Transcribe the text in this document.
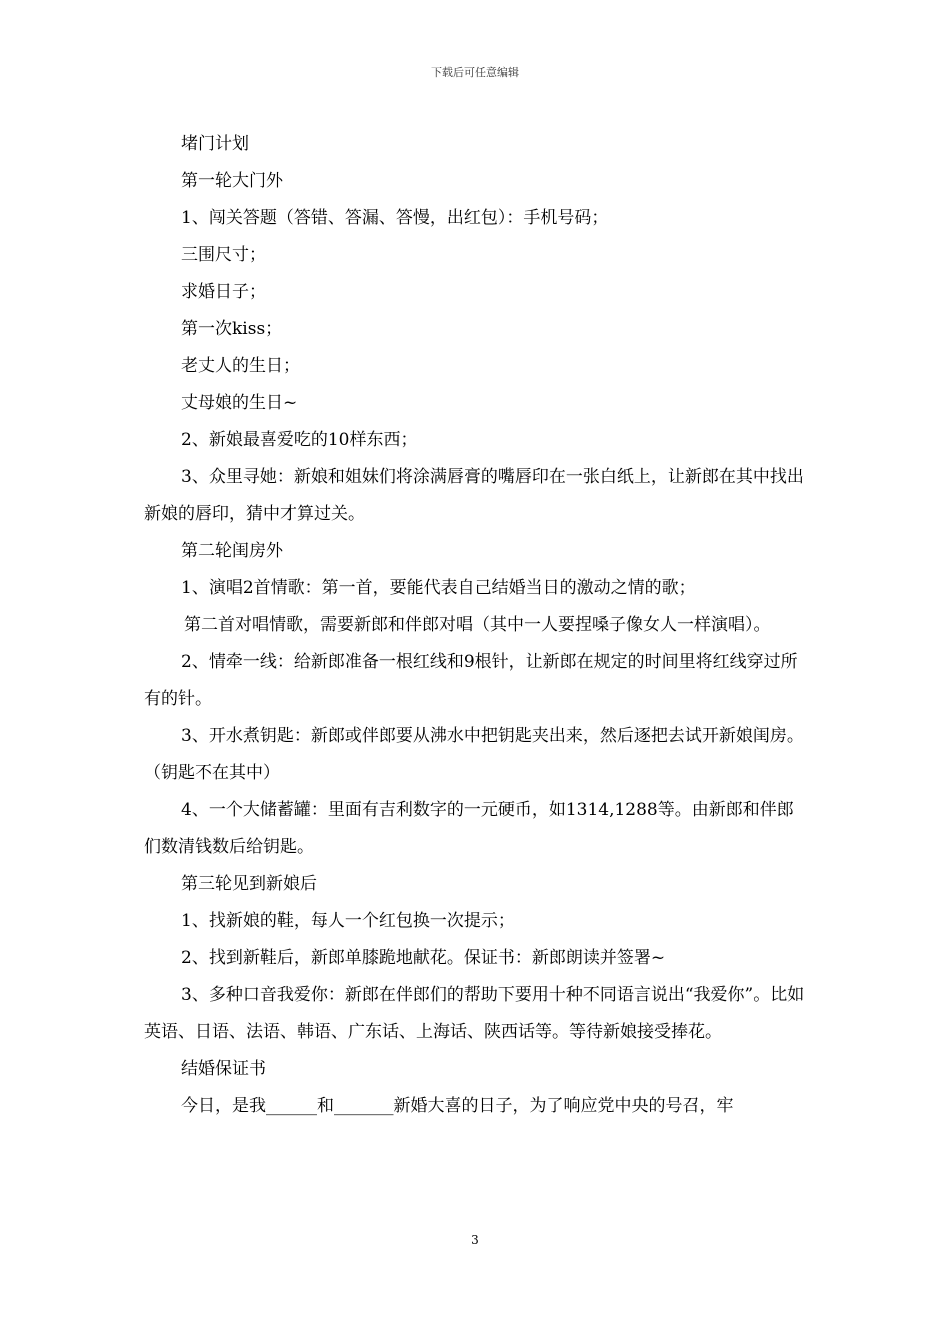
下载后可任意编辑

堵门计划

第一轮大门外

1、闯关答题（答错、答漏、答慢，出红包）：手机号码；

三围尺寸；

求婚日子；

第一次kiss；

老丈人的生日；

丈母娘的生日~

2、新娘最喜爱吃的10样东西；

3、众里寻她：新娘和姐妹们将涂满唇膏的嘴唇印在一张白纸上，让新郎在其中找出新娘的唇印，猜中才算过关。

第二轮闺房外

1、演唱2首情歌：第一首，要能代表自己结婚当日的激动之情的歌；

第二首对唱情歌，需要新郎和伴郎对唱（其中一人要捏嗓子像女人一样演唱）。

2、情牵一线：给新郎准备一根红线和9根针，让新郎在规定的时间里将红线穿过所有的针。

3、开水煮钥匙：新郎或伴郎要从沸水中把钥匙夹出来，然后逐把去试开新娘闺房。（钥匙不在其中）

4、一个大储蓄罐：里面有吉利数字的一元硬币，如1314,1288等。由新郎和伴郎们数清钱数后给钥匙。

第三轮见到新娘后

1、找新娘的鞋，每人一个红包换一次提示；

2、找到新鞋后，新郎单膝跪地献花。保证书：新郎朗读并签署~

3、多种口音我爱你：新郎在伴郎们的帮助下要用十种不同语言说出“我爱你”。比如英语、日语、法语、韩语、广东话、上海话、陕西话等。等待新娘接受捧花。

结婚保证书

今日，是我______和_______新婚大喜的日子，为了响应党中央的号召，牢

3
